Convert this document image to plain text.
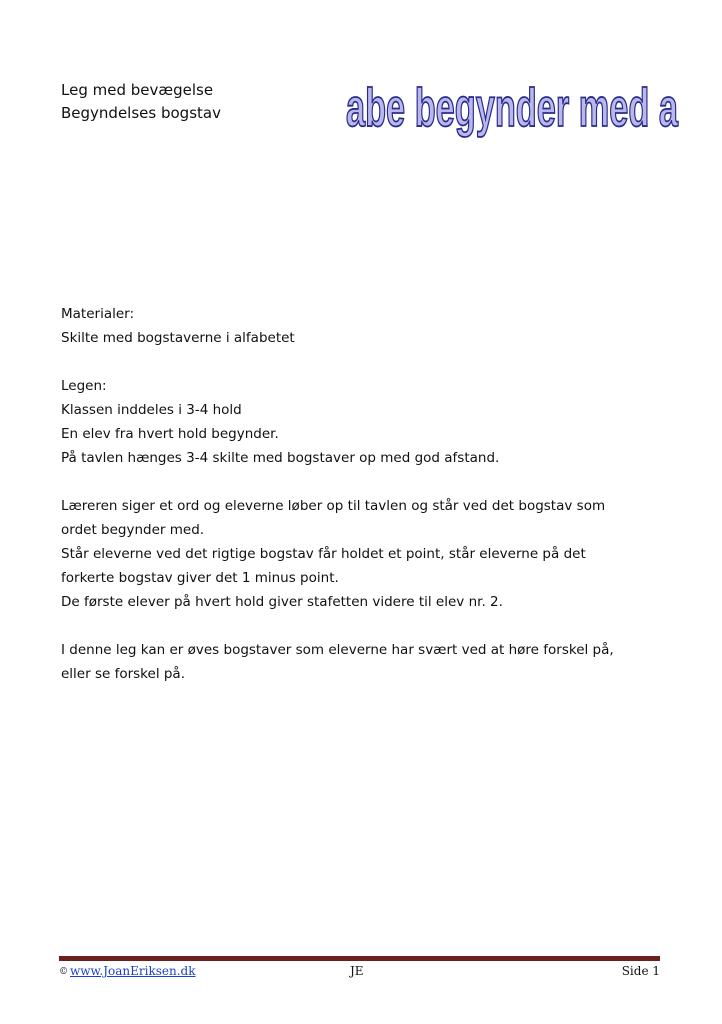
Leg med bevægelse
Begyndelses bogstav	abe begynder med a

Materialer:

Skilte med bogstaverne i alfabetet

Legen:

Klassen inddeles i 3-4 hold

En elev fra hvert hold begynder.

På tavlen hænges 3-4 skilte med bogstaver op med god afstand.

Læreren siger et ord og eleverne løber op til tavlen og står ved det bogstav som

ordet begynder med.

Står eleverne ved det rigtige bogstav får holdet et point, står eleverne på det

forkerte bogstav giver det 1 minus point.

De første elever på hvert hold giver stafetten videre til elev nr. 2.

I denne leg kan er øves bogstaver som eleverne har svært ved at høre forskel på,

eller se forskel på.

© www.JoanEriksen.dk	JE	Side 1
